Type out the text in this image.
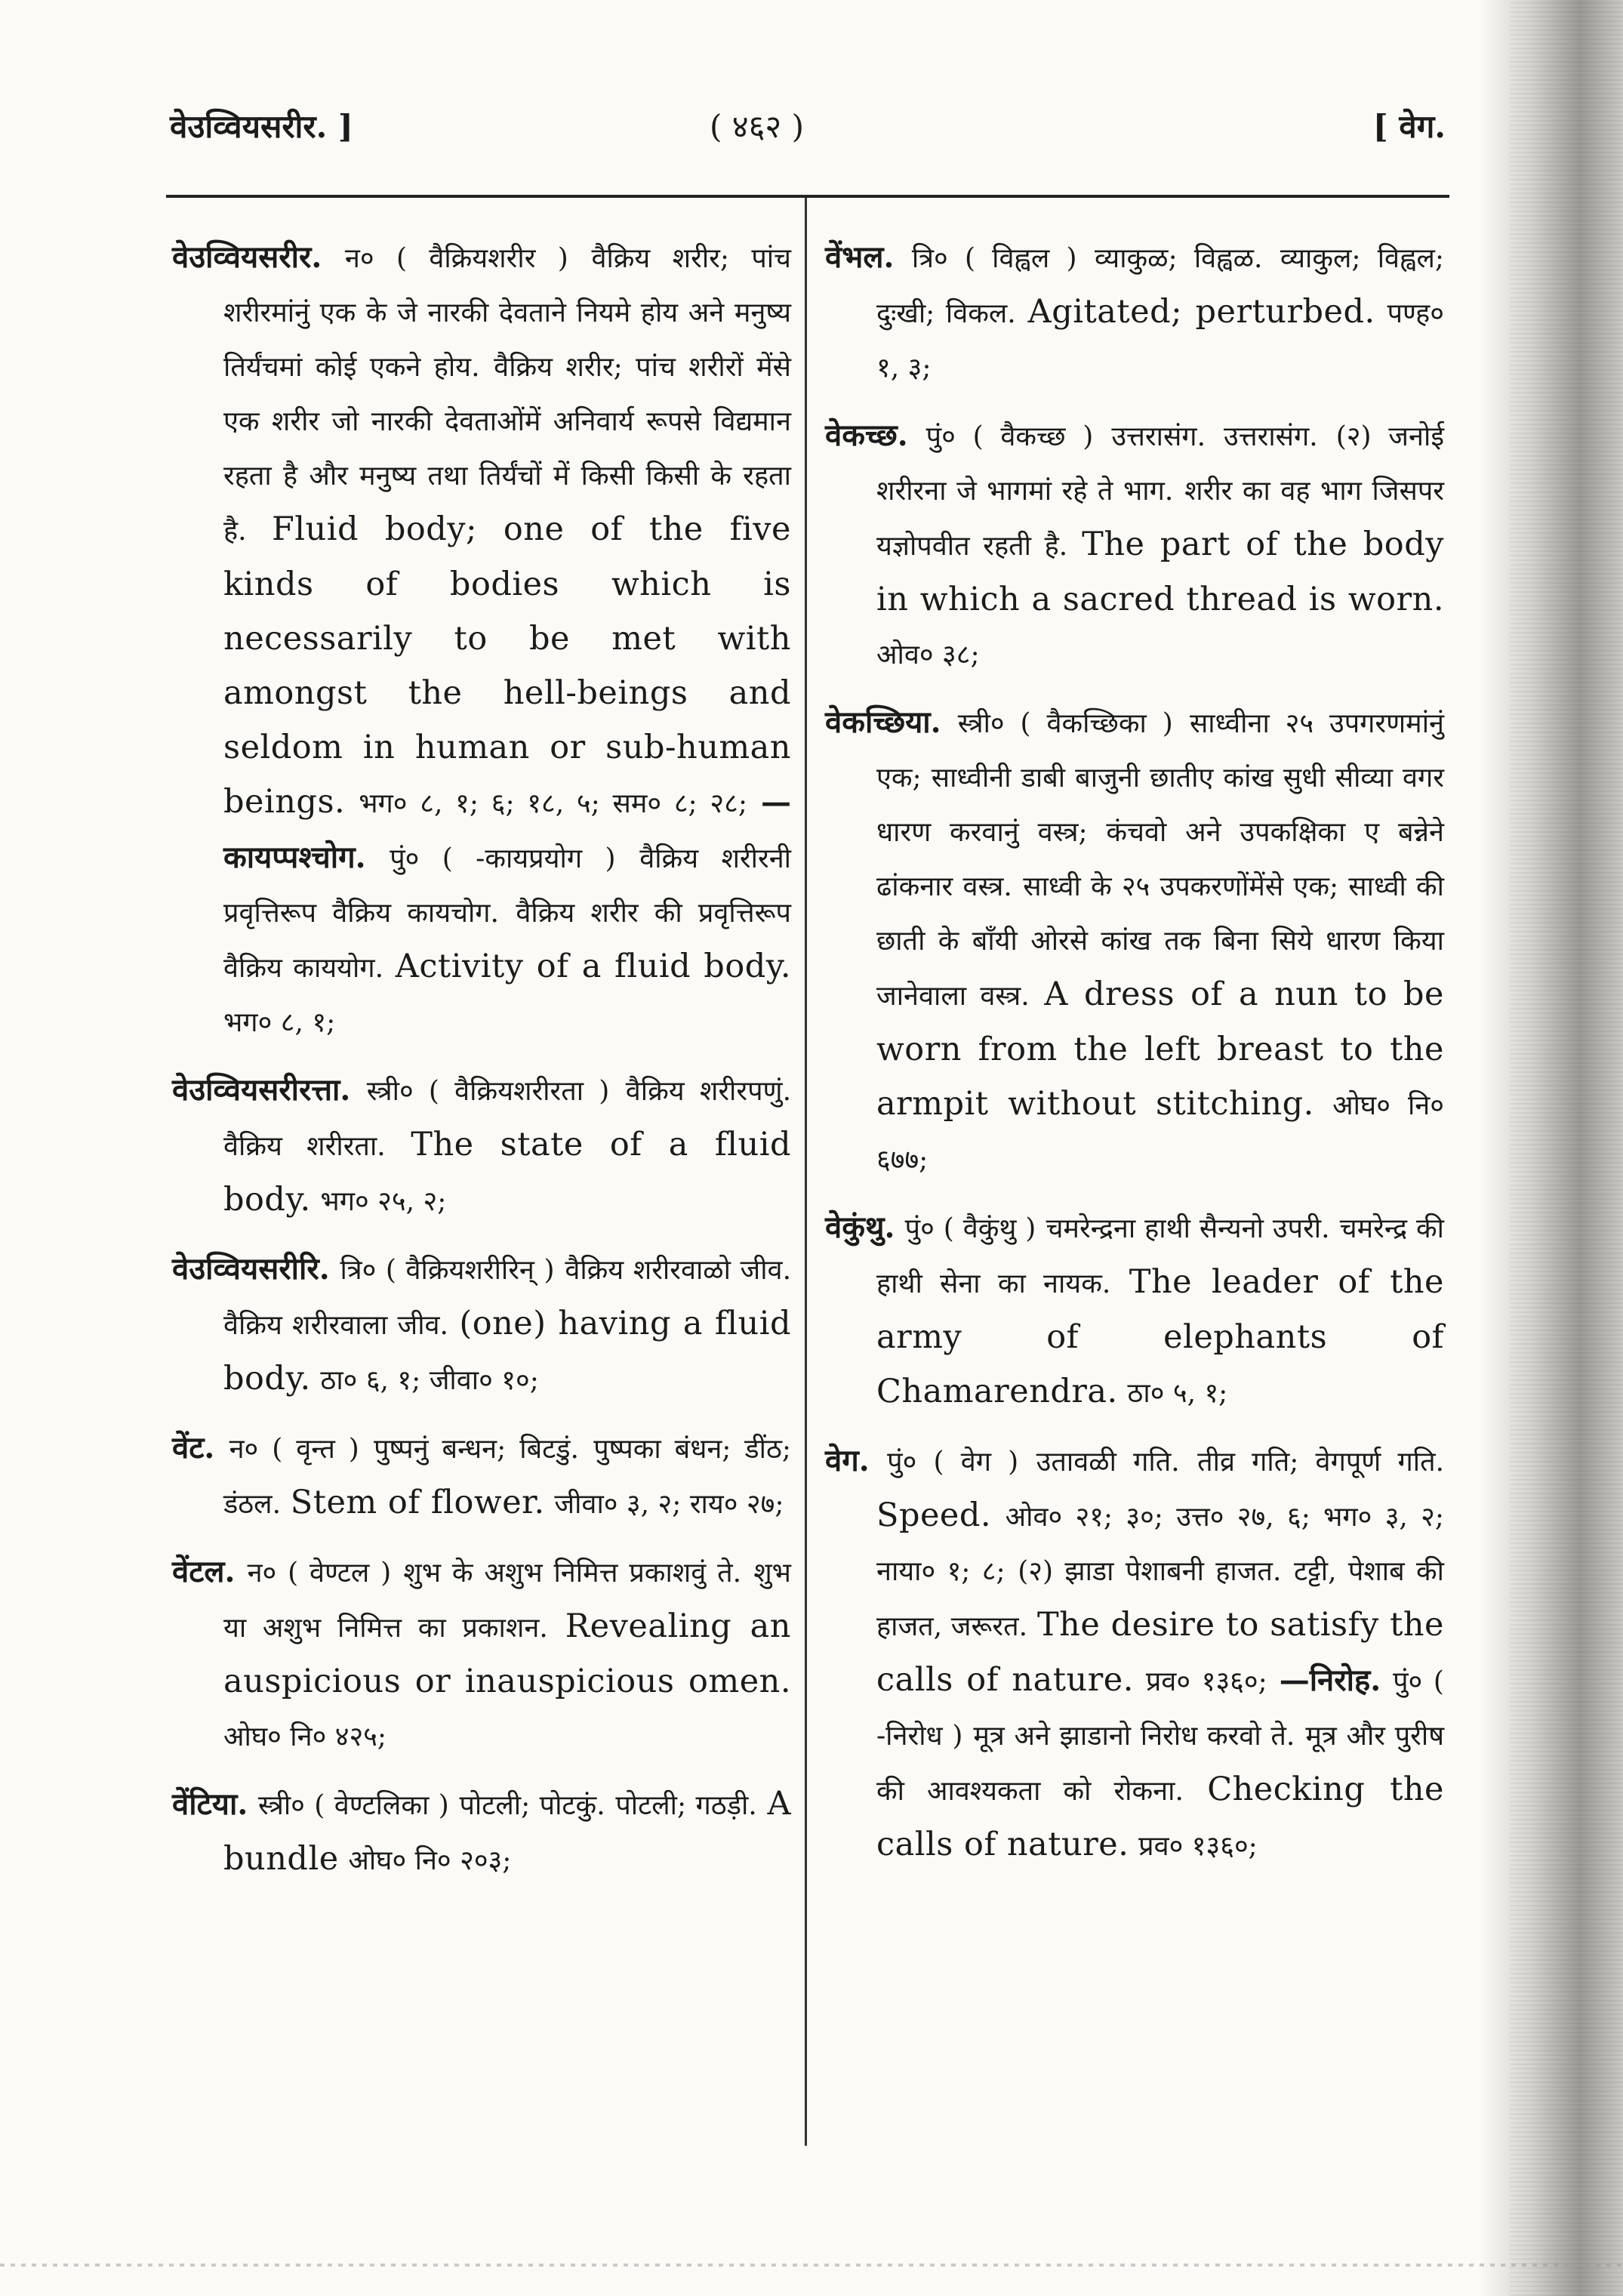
वेउव्वियसरीर. ]	( ४६२ )	[ वेग.

वेउव्वियसरीर. न० ( वैक्रियशरीर ) वैक्रिय शरीर; पांच शरीरमांनुं एक के जे नारकी देवताने नियमे होय अने मनुष्य तिर्यंचमां कोई एकने होय. वैक्रिय शरीर; पांच शरीरों मेंसे एक शरीर जो नारकी देवताओंमें अनिवार्य रूपसे विद्यमान रहता है और मनुष्य तथा तिर्यंचों में किसी किसी के रहता है. Fluid body; one of the five kinds of bodies which is necessarily to be met with amongst the hell-beings and seldom in human or sub-human beings. भग० ८, १; ६; १८, ५; सम० ८; २८; —कायप्पश्चोग. पुं० ( -कायप्रयोग ) वैक्रिय शरीरनी प्रवृत्तिरूप वैक्रिय कायचोग. वैक्रिय शरीर की प्रवृत्तिरूप वैक्रिय काययोग. Activity of a fluid body. भग० ८, १;

वेउव्वियसरीरत्ता. स्त्री० ( वैक्रियशरीरता ) वैक्रिय शरीरपणुं. वैक्रिय शरीरता. The state of a fluid body. भग० २५, २;

वेउव्वियसरीरि. त्रि० ( वैक्रियशरीरिन् ) वैक्रिय शरीरवाळो जीव. वैक्रिय शरीरवाला जीव. (one) having a fluid body. ठा० ६, १; जीवा० १०;

वेंट. न० ( वृन्त ) पुष्पनुं बन्धन; बिटडुं. पुष्पका बंधन; डींठ; डंठल. Stem of flower. जीवा० ३, २; राय० २७;

वेंटल. न० ( वेण्टल ) शुभ के अशुभ निमित्त प्रकाशवुं ते. शुभ या अशुभ निमित्त का प्रकाशन. Revealing an auspicious or inauspicious omen. ओघ० नि० ४२५;

वेंटिया. स्त्री० ( वेण्टलिका ) पोटली; पोटकुं. पोटली; गठड़ी. A bundle ओघ० नि० २०३;

वेंभल. त्रि० ( विह्वल ) व्याकुळ; विह्वळ. व्याकुल; विह्वल; दुःखी; विकल. Agitated; perturbed. पण्ह० १, ३;

वेकच्छ. पुं० ( वैकच्छ ) उत्तरासंग. उत्तरासंग. (२) जनोई शरीरना जे भागमां रहे ते भाग. शरीर का वह भाग जिसपर यज्ञोपवीत रहती है. The part of the body in which a sacred thread is worn. ओव० ३८;

वेकच्छिया. स्त्री० ( वैकच्छिका ) साध्वीना २५ उपगरणमांनुं एक; साध्वीनी डाबी बाजुनी छातीए कांख सुधी सीव्या वगर धारण करवानुं वस्त्र; कंचवो अने उपकक्षिका ए बन्नेने ढांकनार वस्त्र. साध्वी के २५ उपकरणोंमेंसे एक; साध्वी की छाती के बाँयी ओरसे कांख तक बिना सिये धारण किया जानेवाला वस्त्र. A dress of a nun to be worn from the left breast to the armpit without stitching. ओघ० नि० ६७७;

वेकुंथु. पुं० ( वैकुंथु ) चमरेन्द्रना हाथी सैन्यनो उपरी. चमरेन्द्र की हाथी सेना का नायक. The leader of the army of elephants of Chamarendra. ठा० ५, १;

वेग. पुं० ( वेग ) उतावळी गति. तीव्र गति; वेगपूर्ण गति. Speed. ओव० २१; ३०; उत्त० २७, ६; भग० ३, २; नाया० १; ८; (२) झाडा पेशाबनी हाजत. टट्टी, पेशाब की हाजत, जरूरत. The desire to satisfy the calls of nature. प्रव० १३६०; —निरोह. पुं० ( -निरोध ) मूत्र अने झाडानो निरोध करवो ते. मूत्र और पुरीष की आवश्यकता को रोकना. Checking the calls of nature. प्रव० १३६०;
